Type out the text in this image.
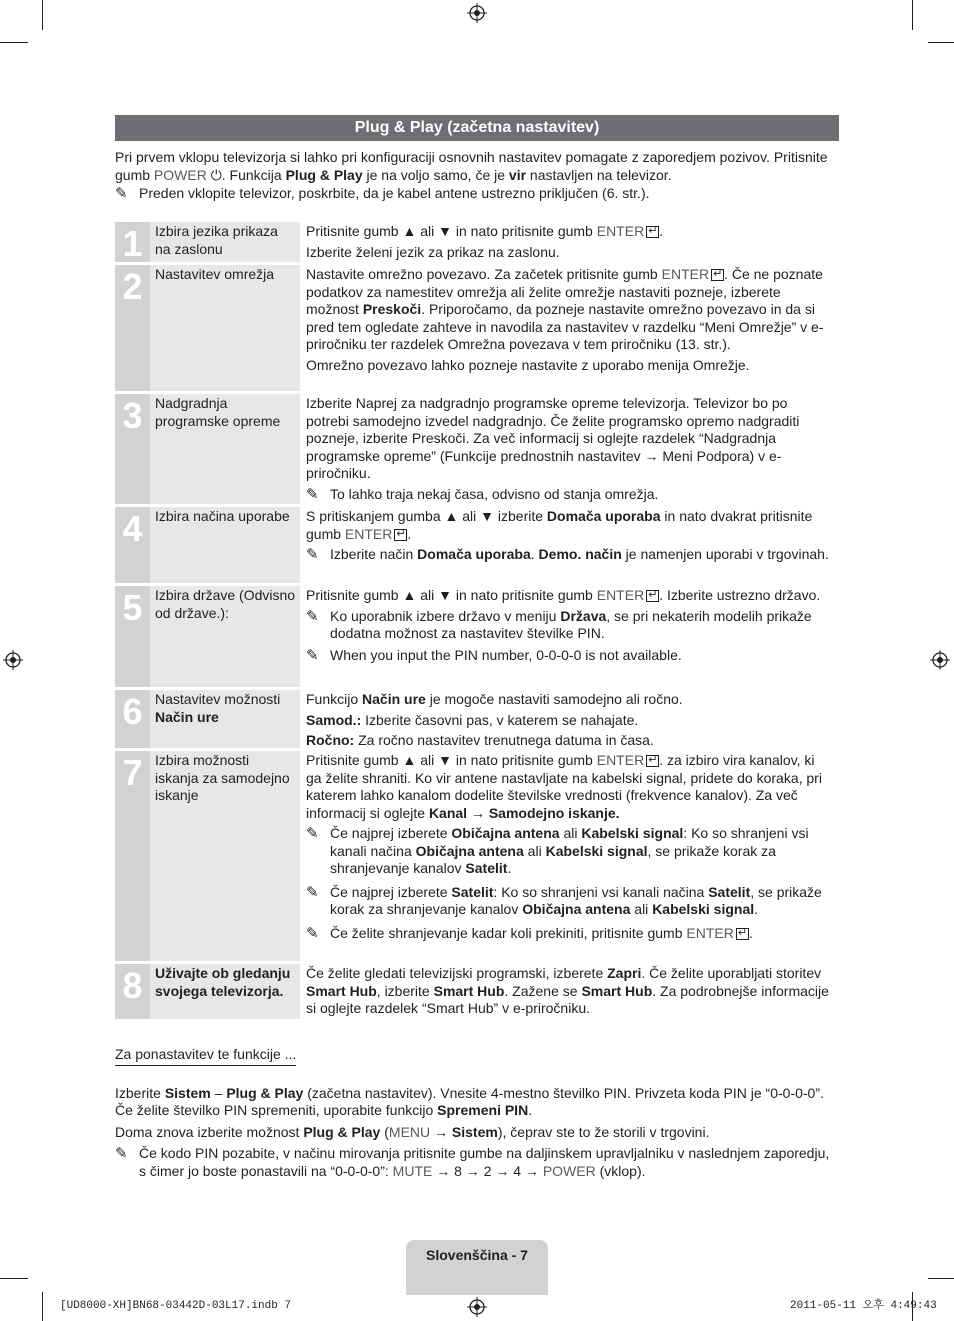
Plug & Play (začetna nastavitev)

Pri prvem vklopu televizorja si lahko pri konfiguraciji osnovnih nastavitev pomagate z zaporedjem pozivov. Pritisnite gumb POWER ⏻. Funkcija Plug & Play je na voljo samo, če je vir nastavljen na televizor.

✎ Preden vklopite televizor, poskrbite, da je kabel antene ustrezno priključen (6. str.).
1 Izbira jezika prikaza na zaslonu

Pritisnite gumb ▲ ali ▼ in nato pritisnite gumb ENTER ↵ .

Izberite želeni jezik za prikaz na zaslonu.

2 Nastavitev omrežja	Nastavite omrežno povezavo. Za začetek pritisnite gumb ENTER ↵ . Če ne poznate podatkov za namestitev omrežja ali želite omrežje nastaviti pozneje, izberete možnost Preskoči. Priporočamo, da pozneje nastavite omrežno povezavo in da si pred tem ogledate zahteve in navodila za nastavitev v razdelku “Meni Omrežje” v e-priročniku ter razdelek Omrežna povezava v tem priročniku (13. str.).

Omrežno povezavo lahko pozneje nastavite z uporabo menija Omrežje.

3 Nadgradnja programske opreme

Izberite Naprej za nadgradnjo programske opreme televizorja. Televizor bo po potrebi samodejno izvedel nadgradnjo. Če želite programsko opremo nadgraditi pozneje, izberite Preskoči. Za več informacij si oglejte razdelek “Nadgradnja programske opreme” (Funkcije prednostnih nastavitev → Meni Podpora) v e-priročniku.

✎ To lahko traja nekaj časa, odvisno od stanja omrežja.
4 Izbira načina uporabe	S pritiskanjem gumba ▲ ali ▼ izberite Domača uporaba in nato dvakrat pritisnite gumb ENTER ↵ .

✎ Izberite način Domača uporaba. Demo. način je namenjen uporabi v trgovinah.
5 Izbira države (Odvisno od države.):

Pritisnite gumb ▲ ali ▼ in nato pritisnite gumb ENTER ↵ . Izberite ustrezno državo.

✎ Ko uporabnik izbere državo v meniju Država, se pri nekaterih modelih prikaže dodatna možnost za nastavitev številke PIN.
✎ When you input the PIN number, 0-0-0-0 is not available.
6 Nastavitev možnosti
Način ure

Funkcijo Način ure je mogoče nastaviti samodejno ali ročno.

Samod.: Izberite časovni pas, v katerem se nahajate.

Ročno: Za ročno nastavitev trenutnega datuma in časa.

7 Izbira možnosti iskanja za samodejno iskanje

Pritisnite gumb ▲ ali ▼ in nato pritisnite gumb ENTER ↵ . za izbiro vira kanalov, ki ga želite shraniti. Ko vir antene nastavljate na kabelski signal, pridete do koraka, pri katerem lahko kanalom dodelite številske vrednosti (frekvence kanalov). Za več informacij si oglejte Kanal → Samodejno iskanje.

✎ Če najprej izberete Običajna antena ali Kabelski signal: Ko so shranjeni vsi kanali načina Običajna antena ali Kabelski signal, se prikaže korak za shranjevanje kanalov Satelit.
✎ Če najprej izberete Satelit: Ko so shranjeni vsi kanali načina Satelit, se prikaže korak za shranjevanje kanalov Običajna antena ali Kabelski signal.
✎ Če želite shranjevanje kadar koli prekiniti, pritisnite gumb ENTER ↵ .
8 Uživajte ob gledanju svojega televizorja.

Če želite gledati televizijski programski, izberete Zapri. Če želite uporabljati storitev Smart Hub, izberite Smart Hub. Zažene se Smart Hub. Za podrobnejše informacije si oglejte razdelek “Smart Hub” v e-priročniku.

Za ponastavitev te funkcije ...

Izberite Sistem – Plug & Play (začetna nastavitev). Vnesite 4-mestno številko PIN. Privzeta koda PIN je “0-0-0-0”. Če želite številko PIN spremeniti, uporabite funkcijo Spremeni PIN.

Doma znova izberite možnost Plug & Play (MENU → Sistem), čeprav ste to že storili v trgovini.

✎ Če kodo PIN pozabite, v načinu mirovanja pritisnite gumbe na daljinskem upravljalniku v naslednjem zaporedju, s čimer jo boste ponastavili na “0-0-0-0”: MUTE → 8 → 2 → 4 → POWER (vklop).
Slovenščina - 7
[UD8000-XH]BN68-03442D-03L17.indb 7	2011-05-11 오후 4:49:43
